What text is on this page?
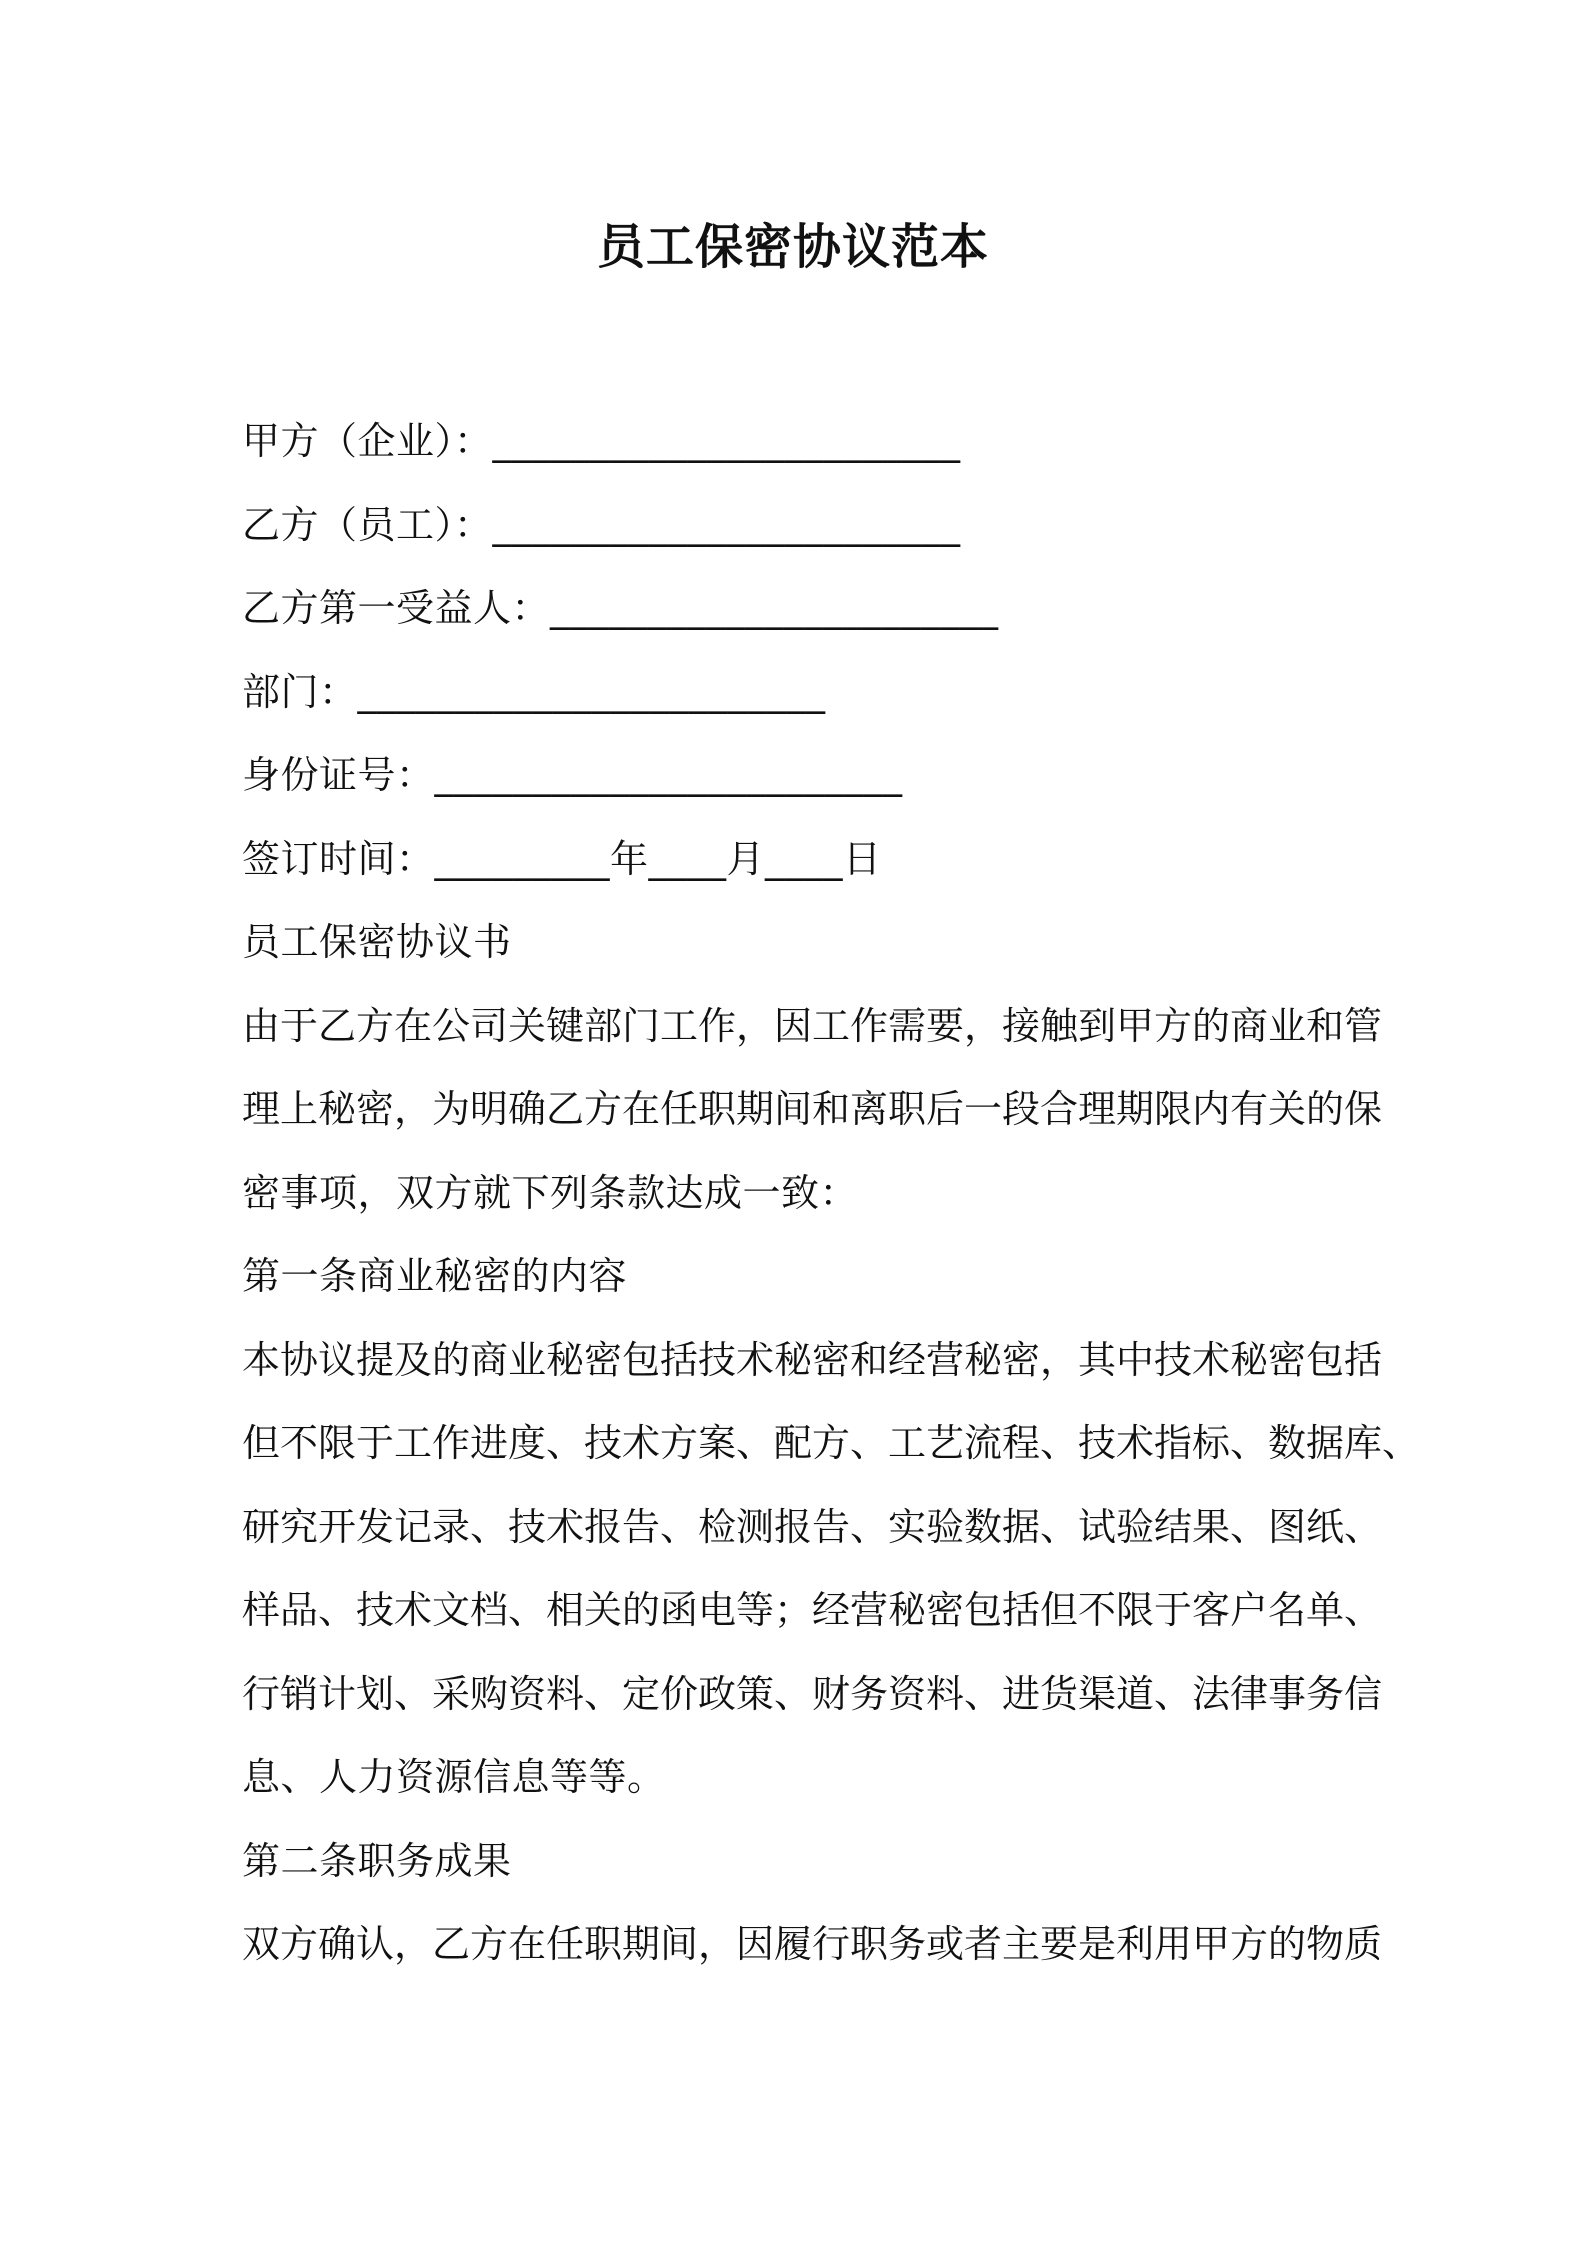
员工保密协议范本
甲方（企业）：________________________
乙方（员工）：________________________
乙方第一受益人：_______________________
部门：________________________
身份证号：________________________
签订时间：_________年____月____日
员工保密协议书
由于乙方在公司关键部门工作，因工作需要，接触到甲方的商业和管
理上秘密，为明确乙方在任职期间和离职后一段合理期限内有关的保
密事项，双方就下列条款达成一致：
第一条商业秘密的内容
本协议提及的商业秘密包括技术秘密和经营秘密，其中技术秘密包括
但不限于工作进度、技术方案、配方、工艺流程、技术指标、数据库、
研究开发记录、技术报告、检测报告、实验数据、试验结果、图纸、
样品、技术文档、相关的函电等；经营秘密包括但不限于客户名单、
行销计划、采购资料、定价政策、财务资料、进货渠道、法律事务信
息、人力资源信息等等。
第二条职务成果
双方确认，乙方在任职期间，因履行职务或者主要是利用甲方的物质
